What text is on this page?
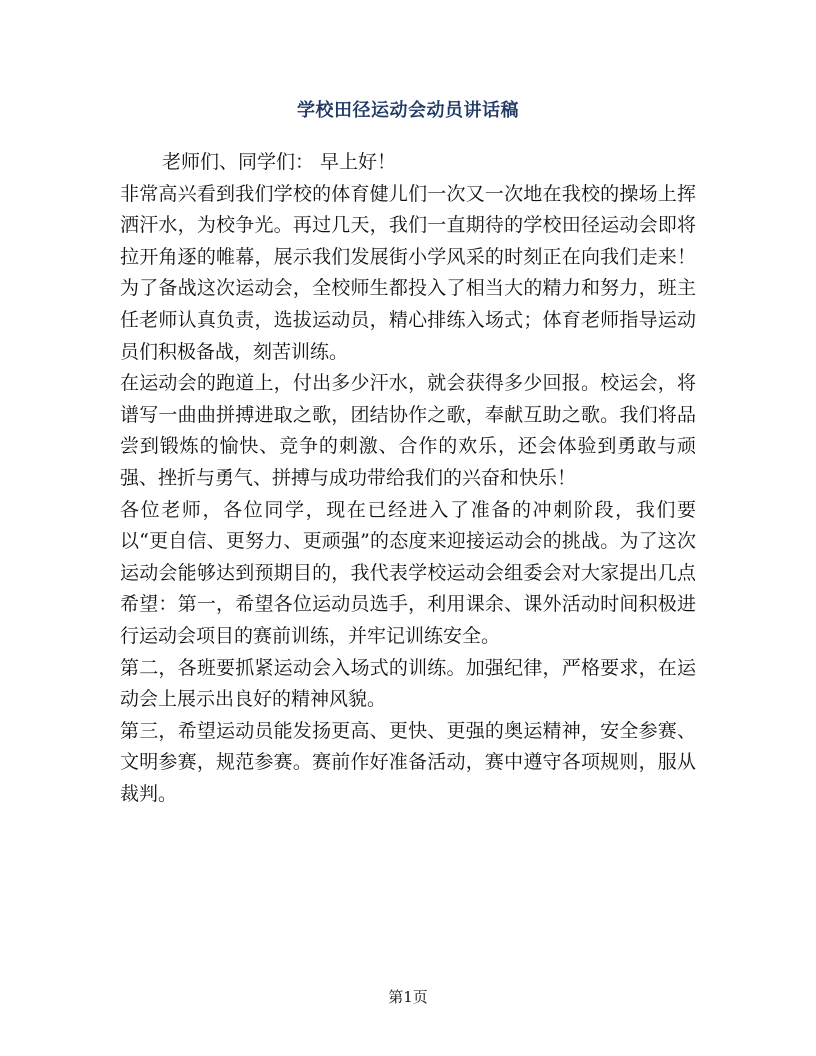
学校田径运动会动员讲话稿

老师们、同学们： 早上好！

非常高兴看到我们学校的体育健儿们一次又一次地在我校的操场上挥洒汗水，为校争光。再过几天，我们一直期待的学校田径运动会即将拉开角逐的帷幕，展示我们发展街小学风采的时刻正在向我们走来！为了备战这次运动会，全校师生都投入了相当大的精力和努力，班主任老师认真负责，选拔运动员，精心排练入场式；体育老师指导运动员们积极备战，刻苦训练。

在运动会的跑道上，付出多少汗水，就会获得多少回报。校运会，将谱写一曲曲拼搏进取之歌，团结协作之歌，奉献互助之歌。我们将品尝到锻炼的愉快、竞争的刺激、合作的欢乐，还会体验到勇敢与顽强、挫折与勇气、拼搏与成功带给我们的兴奋和快乐！

各位老师，各位同学，现在已经进入了准备的冲刺阶段，我们要以“更自信、更努力、更顽强”的态度来迎接运动会的挑战。为了这次运动会能够达到预期目的，我代表学校运动会组委会对大家提出几点希望：第一，希望各位运动员选手，利用课余、课外活动时间积极进行运动会项目的赛前训练，并牢记训练安全。

第二，各班要抓紧运动会入场式的训练。加强纪律，严格要求，在运动会上展示出良好的精神风貌。

第三，希望运动员能发扬更高、更快、更强的奥运精神，安全参赛、文明参赛，规范参赛。赛前作好准备活动，赛中遵守各项规则，服从裁判。

第1页
